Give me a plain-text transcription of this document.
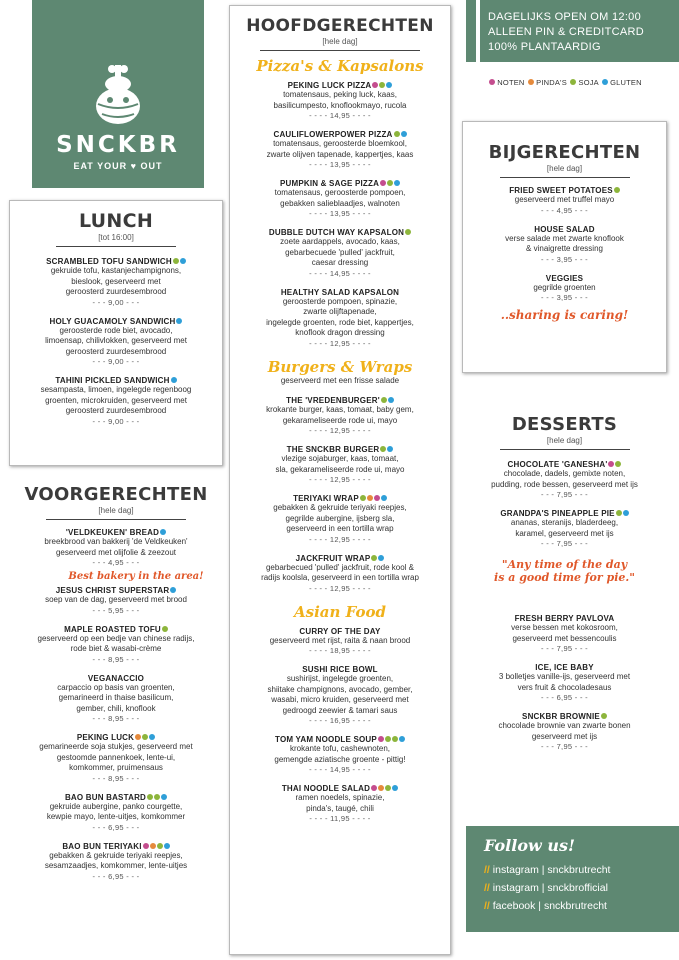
SNCKBR
EAT YOUR ♥ OUT
DAGELIJKS OPEN OM 12:00
ALLEEN PIN & CREDITCARD
100% PLANTAARDIG
NOTEN PINDA'S SOJA GLUTEN
LUNCH
[tot 16:00]
SCRAMBLED TOFU SANDWICH
gekruide tofu, kastanjechampignons,
bieslook, geserveerd met
geroosterd zuurdesembrood
- - - 9,00 - - -
HOLY GUACAMOLY SANDWICH
geroosterde rode biet, avocado,
limoensap, chilivlokken, geserveerd met
geroosterd zuurdesembrood
- - - 9,00 - - -
TAHINI PICKLED SANDWICH
sesampasta, limoen, ingelegde regenboog
groenten, microkruiden, geserveerd met
geroosterd zuurdesembrood
- - - 9,00 - - -
VOORGERECHTEN
[hele dag]
'VELDKEUKEN' BREAD
breekbrood van bakkerij 'de Veldkeuken'
geserveerd met olijfolie & zeezout
- - - 4,95 - - -
Best bakery in the area!
JESUS CHRIST SUPERSTAR
soep van de dag, geserveerd met brood
- - - 5,95 - - -
MAPLE ROASTED TOFU
geserveerd op een bedje van chinese radijs,
rode biet & wasabi-crème
- - - 8,95 - - -
VEGANACCIO
carpaccio op basis van groenten,
gemarineerd in thaise basilicum,
gember, chili, knoflook
- - - 8,95 - - -
PEKING LUCK
gemarineerde soja stukjes, geserveerd met
gestoomde pannenkoek, lente-ui,
komkommer, pruimensaus
- - - 8,95 - - -
BAO BUN BASTARD
gekruide aubergine, panko courgette,
kewpie mayo, lente-uitjes, komkommer
- - - 6,95 - - -
BAO BUN TERIYAKI
gebakken & gekruide teriyaki reepjes,
sesamzaadjes, komkommer, lente-uitjes
- - - 6,95 - - -
HOOFDGERECHTEN
[hele dag]
Pizza's & Kapsalons
PEKING LUCK PIZZA
tomatensaus, peking luck, kaas,
basilicumpesto, knoflookmayo, rucola
- - - - 14,95 - - - -
CAULIFLOWERPOWER PIZZA
tomatensaus, geroosterde bloemkool,
zwarte olijven tapenade, kappertjes, kaas
- - - - 13,95 - - - -
PUMPKIN & SAGE PIZZA
tomatensaus, geroosterde pompoen,
gebakken salieblaadjes, walnoten
- - - - 13,95 - - - -
DUBBLE DUTCH WAY KAPSALON
zoete aardappels, avocado, kaas,
gebarbecuede 'pulled' jackfruit,
caesar dressing
- - - - 14,95 - - - -
HEALTHY SALAD KAPSALON
geroosterde pompoen, spinazie,
zwarte olijftapenade,
ingelegde groenten, rode biet, kappertjes,
knoflook dragon dressing
- - - - 12,95 - - - -
Burgers & Wraps
geserveerd met een frisse salade
THE 'VREDENBURGER'
krokante burger, kaas, tomaat, baby gem,
gekarameliseerde rode ui, mayo
- - - - 12,95 - - - -
THE SNCKBR BURGER
vlezige sojaburger, kaas, tomaat,
sla, gekarameliseerde rode ui, mayo
- - - - 12,95 - - - -
TERIYAKI WRAP
gebakken & gekruide teriyaki reepjes,
gegrilde aubergine, ijsberg sla,
geserveerd in een tortilla wrap
- - - - 12,95 - - - -
JACKFRUIT WRAP
gebarbecued 'pulled' jackfruit, rode kool &
radijs koolsla, geserveerd in een tortilla wrap
- - - - 12,95 - - - -
Asian Food
CURRY OF THE DAY
geserveerd met rijst, raita & naan brood
- - - - 18,95 - - - -
SUSHI RICE BOWL
sushirijst, ingelegde groenten,
shiitake champignons, avocado, gember,
wasabi, micro kruiden, geserveerd met
gedroogd zeewier & tamari saus
- - - - 16,95 - - - -
TOM YAM NOODLE SOUP
krokante tofu, cashewnoten,
gemengde aziatische groente - pittig!
- - - - 14,95 - - - -
THAI NOODLE SALAD
ramen noedels, spinazie,
pinda's, taugé, chili
- - - - 11,95 - - - -
BIJGERECHTEN
[hele dag]
FRIED SWEET POTATOES
geserveerd met truffel mayo
- - - 4,95 - - -
HOUSE SALAD
verse salade met zwarte knoflook
& vinaigrette dressing
- - - 3,95 - - -
VEGGIES
gegrilde groenten
- - - 3,95 - - -
..sharing is caring!
DESSERTS
[hele dag]
CHOCOLATE 'GANESHA'
chocolade, dadels, gemixte noten,
pudding, rode bessen, geserveerd met ijs
- - - 7,95 - - -
GRANDPA'S PINEAPPLE PIE
ananas, steranijs, bladerdeeg,
karamel, geserveerd met ijs
- - - 7,95 - - -
"Any time of the day
is a good time for pie."
FRESH BERRY PAVLOVA
verse bessen met kokosroom,
geserveerd met bessencoulis
- - - 7,95 - - -
ICE, ICE BABY
3 bolletjes vanille-ijs, geserveerd met
vers fruit & chocoladesaus
- - - 6,95 - - -
SNCKBR BROWNIE
chocolade brownie van zwarte bonen
geserveerd met ijs
- - - 7,95 - - -
Follow us!
// instagram | snckbrutrecht
// instagram | snckbrofficial
// facebook | snckbrutrecht
